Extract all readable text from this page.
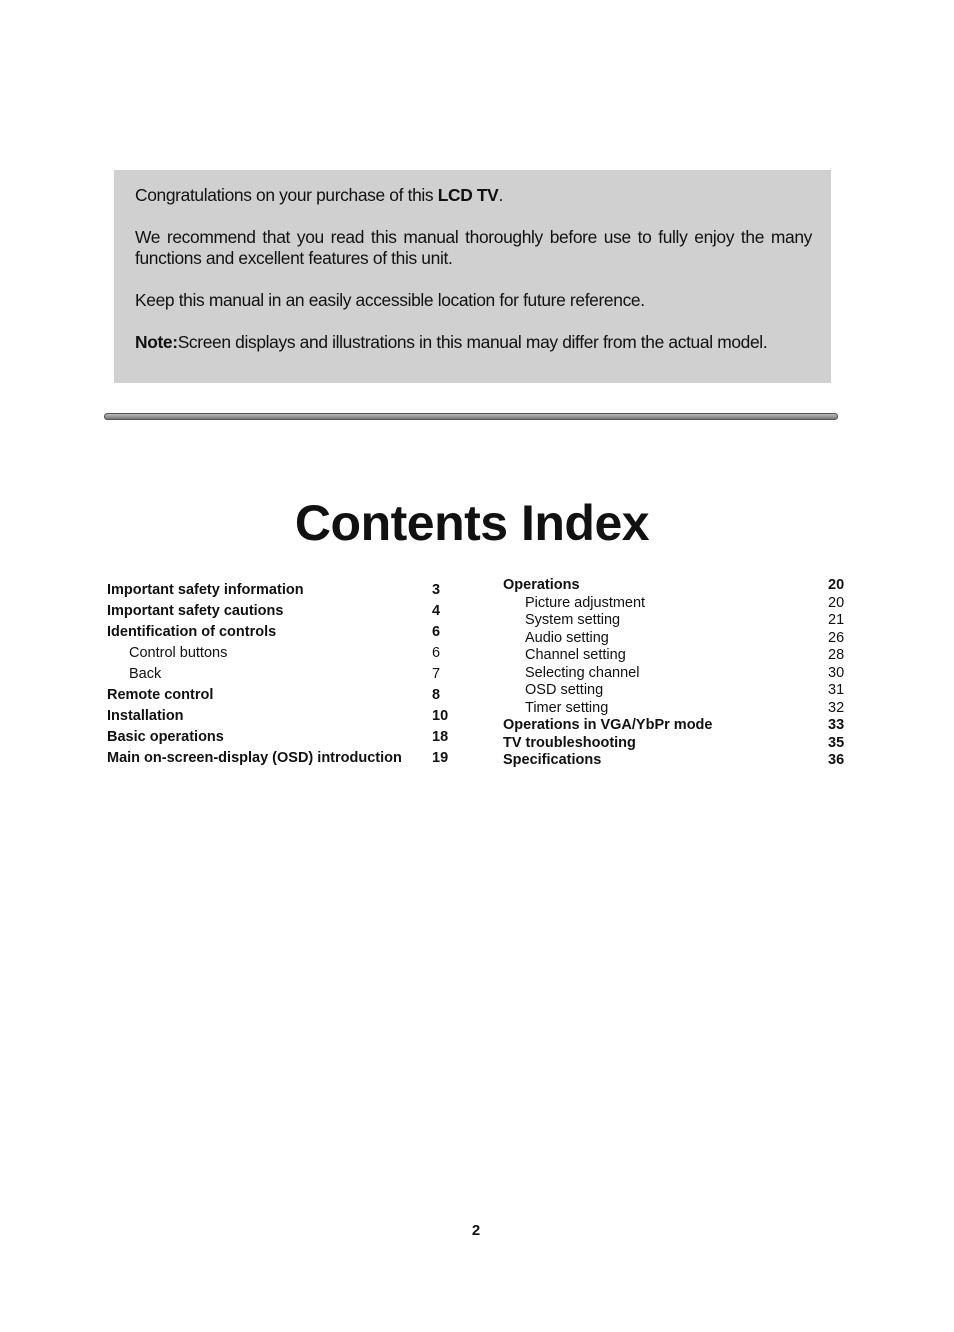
Congratulations on your purchase of this LCD TV.

We recommend that you read this manual thoroughly before use to fully enjoy the many functions and excellent features of this unit.

Keep this manual in an easily accessible location for future reference.

Note:Screen displays and illustrations in this manual may differ from the actual model.

Contents Index
Important safety information	3
Important safety cautions	4
Identification of controls	6
Control buttons	6
Back	7
Remote control	8
Installation	10
Basic operations	18
Main on-screen-display (OSD) introduction 19
Operations	20
Picture adjustment	20
System setting	21
Audio setting	26
Channel setting	28
Selecting channel	30
OSD setting	31
Timer setting	32
Operations in VGA/YbPr mode	33
TV troubleshooting	35
Specifications	36
2
